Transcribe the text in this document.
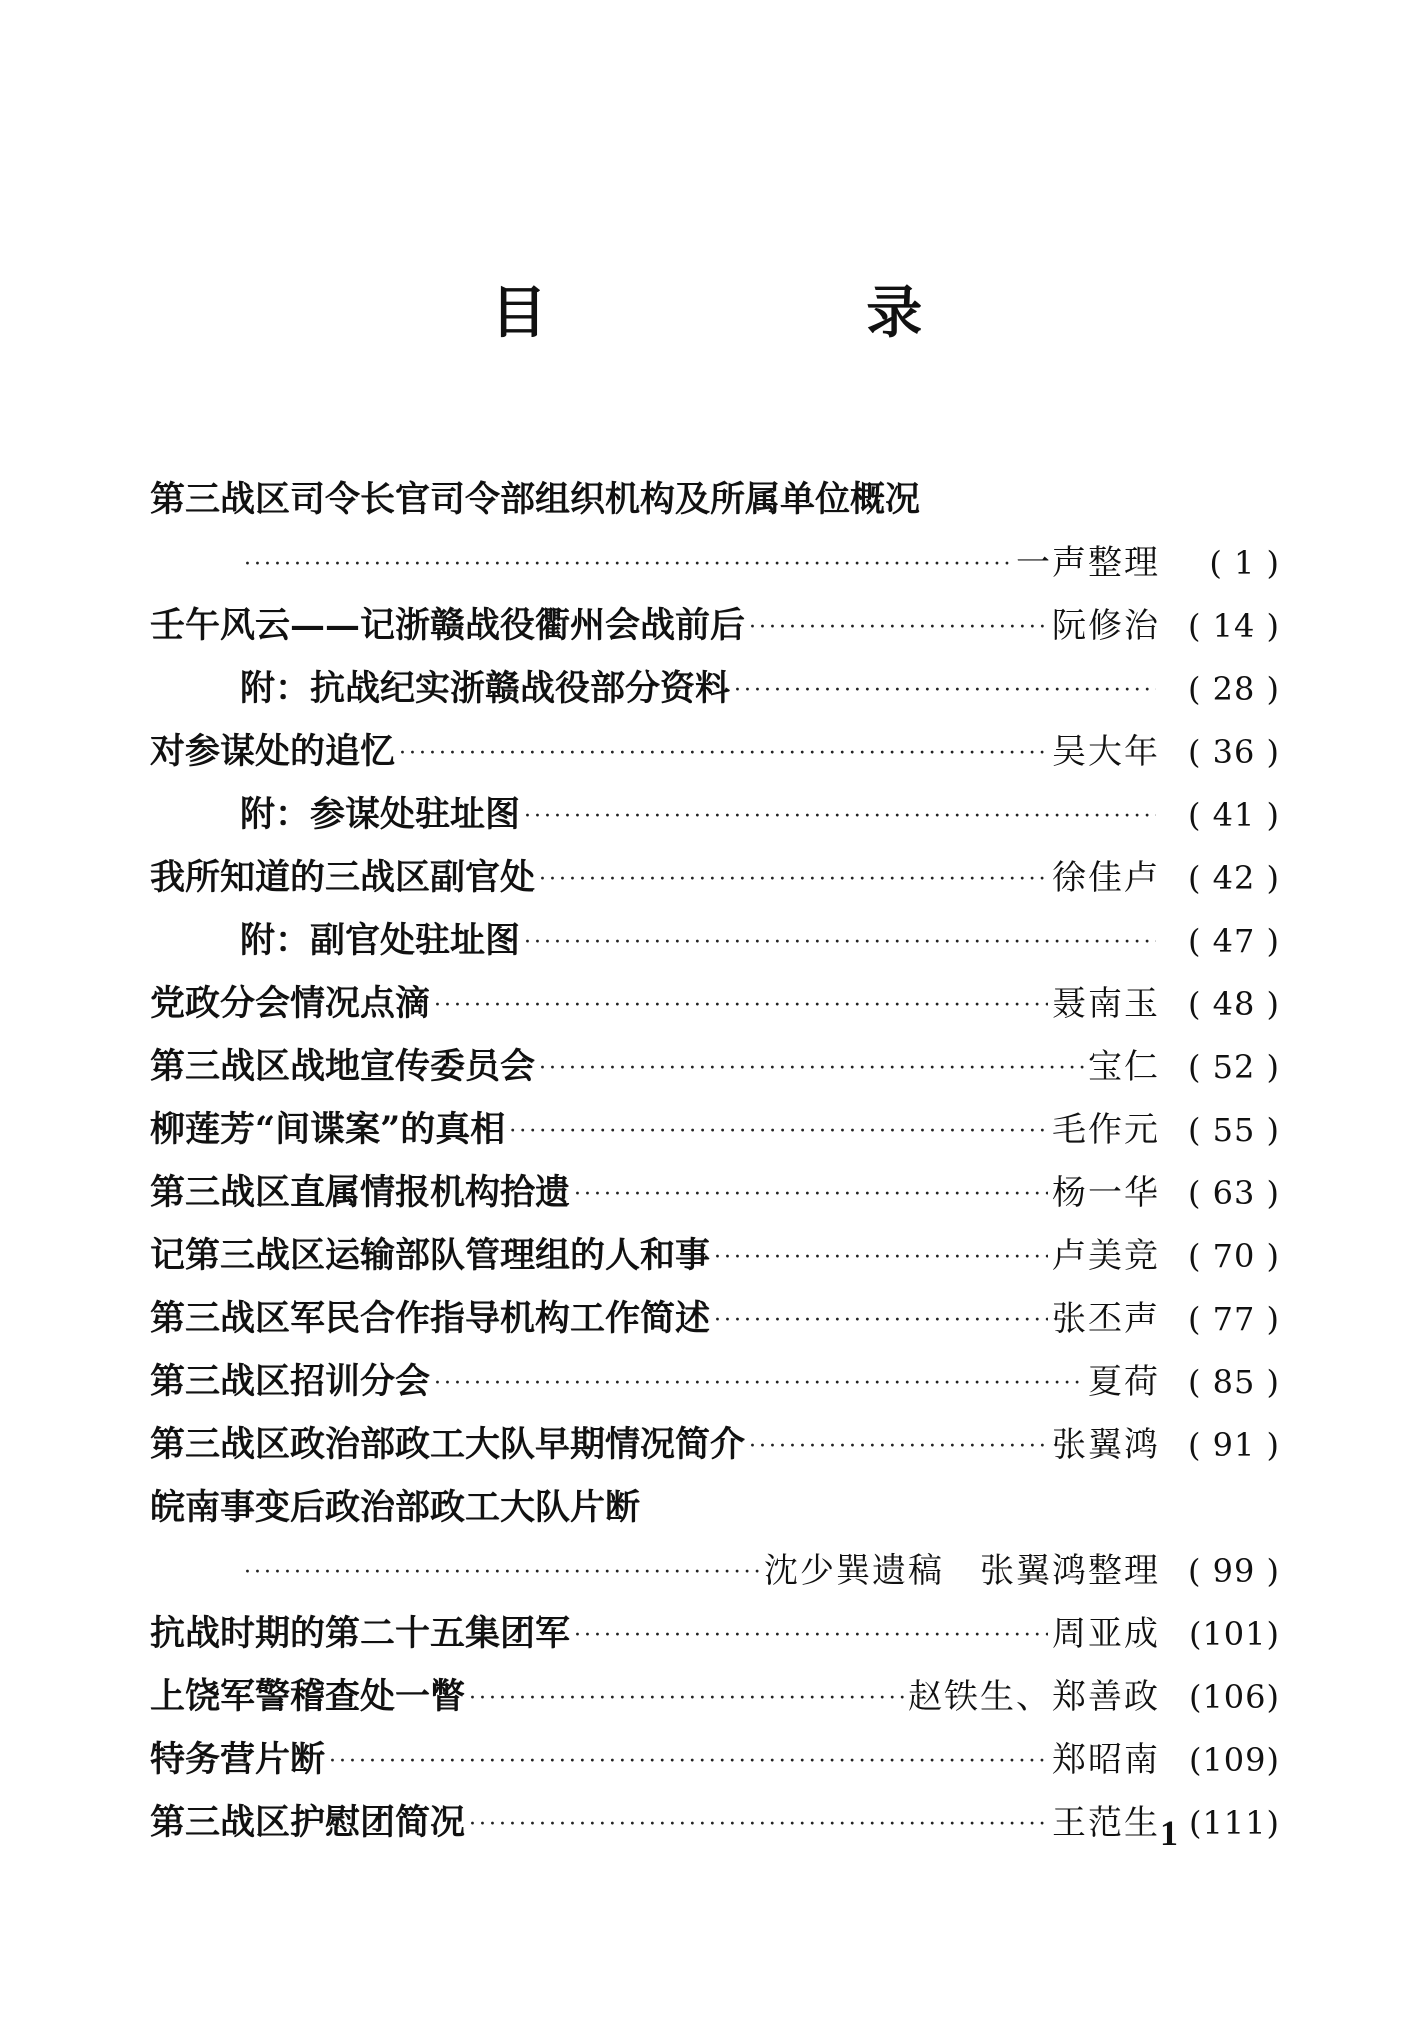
目 录
第三战区司令长官司令部组织机构及所属单位概况
·····
一声整理	( 1 )
壬午风云——记浙赣战役衢州会战前后 ·····	阮修治 ( 14 )
附：抗战纪实浙赣战役部分资料 ·····	( 28 )
对参谋处的追忆 ·····	吴大年 ( 36 )
附：参谋处驻址图 ·····	( 41 )
我所知道的三战区副官处 ·····	徐佳卢 ( 42 )
附：副官处驻址图 ·····	( 47 )
党政分会情况点滴 ·····	聂南玉 ( 48 )
第三战区战地宣传委员会 ·····	宝仁 ( 52 )
柳莲芳“间谍案”的真相 ·····	毛作元 ( 55 )
第三战区直属情报机构拾遗 ·····	杨一华 ( 63 )
记第三战区运输部队管理组的人和事 ·····	卢美竞 ( 70 )
第三战区军民合作指导机构工作简述 ·····	张丕声 ( 77 )
第三战区招训分会 ·····	夏荷 ( 85 )
第三战区政治部政工大队早期情况简介 ·····	张翼鸿 ( 91 )
皖南事变后政治部政工大队片断
·····
沈少巽遗稿　张翼鸿整理 ( 99 )
抗战时期的第二十五集团军 ·····	周亚成 (101)
上饶军警稽查处一瞥 ·····	赵铁生、郑善政 (106)
特务营片断 ·····	郑昭南 (109)
第三战区护慰团简况 ·····	王范生 (111)
1
